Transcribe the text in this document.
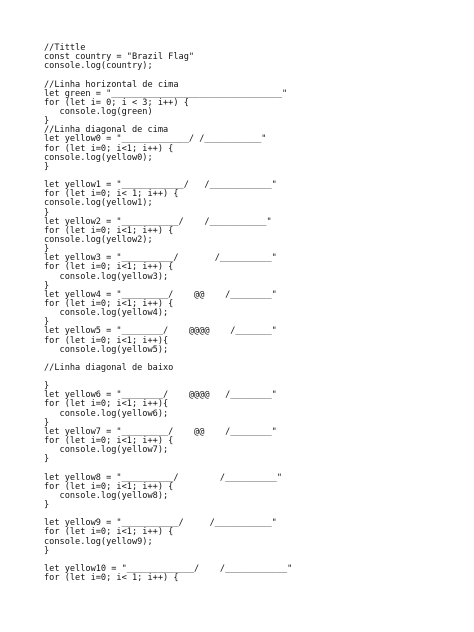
//Tittle
const country = "Brazil Flag"
console.log(country);
//Linha horizontal de cima
let green = "_________________________________"
for (let i= 0; i < 3; i++) {
console.log(green)
}
//Linha diagonal de cima
let yellow0 = "_____________/ /___________"
for (let i=0; i<1; i++) {
console.log(yellow0);
}
let yellow1 = "____________/   /____________"
for (let i=0; i< 1; i++) {
console.log(yellow1);
}
let yellow2 = "___________/    /___________"
for (let i=0; i<1; i++) {
console.log(yellow2);
}
let yellow3 = "__________/       /__________"
for (let i=0; i<1; i++) {
console.log(yellow3);
}
let yellow4 = "_________/    @@    /________"
for (let i=0; i<1; i++) {
console.log(yellow4);
}
let yellow5 = "________/    @@@@    /_______"
for (let i=0; i<1; i++){
console.log(yellow5);
//Linha diagonal de baixo
}
let yellow6 = "________/    @@@@   /________"
for (let i=0; i<1; i++){
console.log(yellow6);
}
let yellow7 = "_________/    @@    /________"
for (let i=0; i<1; i++) {
console.log(yellow7);
}
let yellow8 = "__________/        /__________"
for (let i=0; i<1; i++) {
console.log(yellow8);
}
let yellow9 = "___________/     /___________"
for (let i=0; i<1; i++) {
console.log(yellow9);
}
let yellow10 = "_____________/    /____________"
for (let i=0; i< 1; i++) {
